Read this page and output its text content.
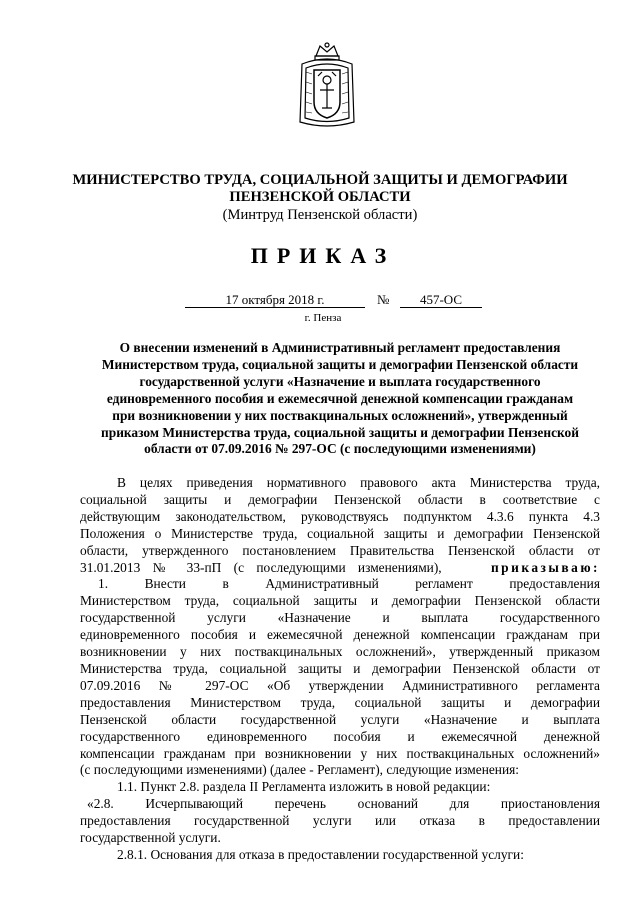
МИНИСТЕРСТВО ТРУДА, СОЦИАЛЬНОЙ ЗАЩИТЫ И ДЕМОГРАФИИ
ПЕНЗЕНСКОЙ ОБЛАСТИ
(Минтруд Пензенской области)
ПРИКАЗ
17 октября 2018 г.	№	457-ОС
г. Пенза
О внесении изменений в Административный регламент предоставления
Министерством труда, социальной защиты и демографии Пензенской области
государственной услуги «Назначение и выплата государственного
единовременного пособия и ежемесячной денежной компенсации гражданам
при возникновении у них поствакцинальных осложнений», утвержденный
приказом Министерства труда, социальной защиты и демографии Пензенской
области от 07.09.2016 № 297-ОС (с последующими изменениями)

В целях приведения нормативного правового акта Министерства труда,

социальной защиты и демографии Пензенской области в соответствие с

действующим законодательством, руководствуясь подпунктом 4.3.6 пункта 4.3

Положения о Министерстве труда, социальной защиты и демографии Пензенской

области, утвержденного постановлением Правительства Пензенской области от

31.01.2013 № 33-пП (с последующими изменениями),	приказываю:

1. Внести в Административный регламент предоставления

Министерством труда, социальной защиты и демографии Пензенской области

государственной услуги «Назначение и выплата государственного

единовременного пособия и ежемесячной денежной компенсации гражданам при

возникновении у них поствакцинальных осложнений», утвержденный приказом

Министерства труда, социальной защиты и демографии Пензенской области от

07.09.2016 № 297-ОС «Об утверждении Административного регламента

предоставления Министерством труда, социальной защиты и демографии

Пензенской области государственной услуги «Назначение и выплата

государственного единовременного пособия и ежемесячной денежной

компенсации гражданам при возникновении у них поствакцинальных осложнений»

(с последующими изменениями) (далее - Регламент), следующие изменения:

1.1. Пункт 2.8. раздела II Регламента изложить в новой редакции:

«2.8. Исчерпывающий перечень оснований для приостановления

предоставления государственной услуги или отказа в предоставлении

государственной услуги.

2.8.1. Основания для отказа в предоставлении государственной услуги:
